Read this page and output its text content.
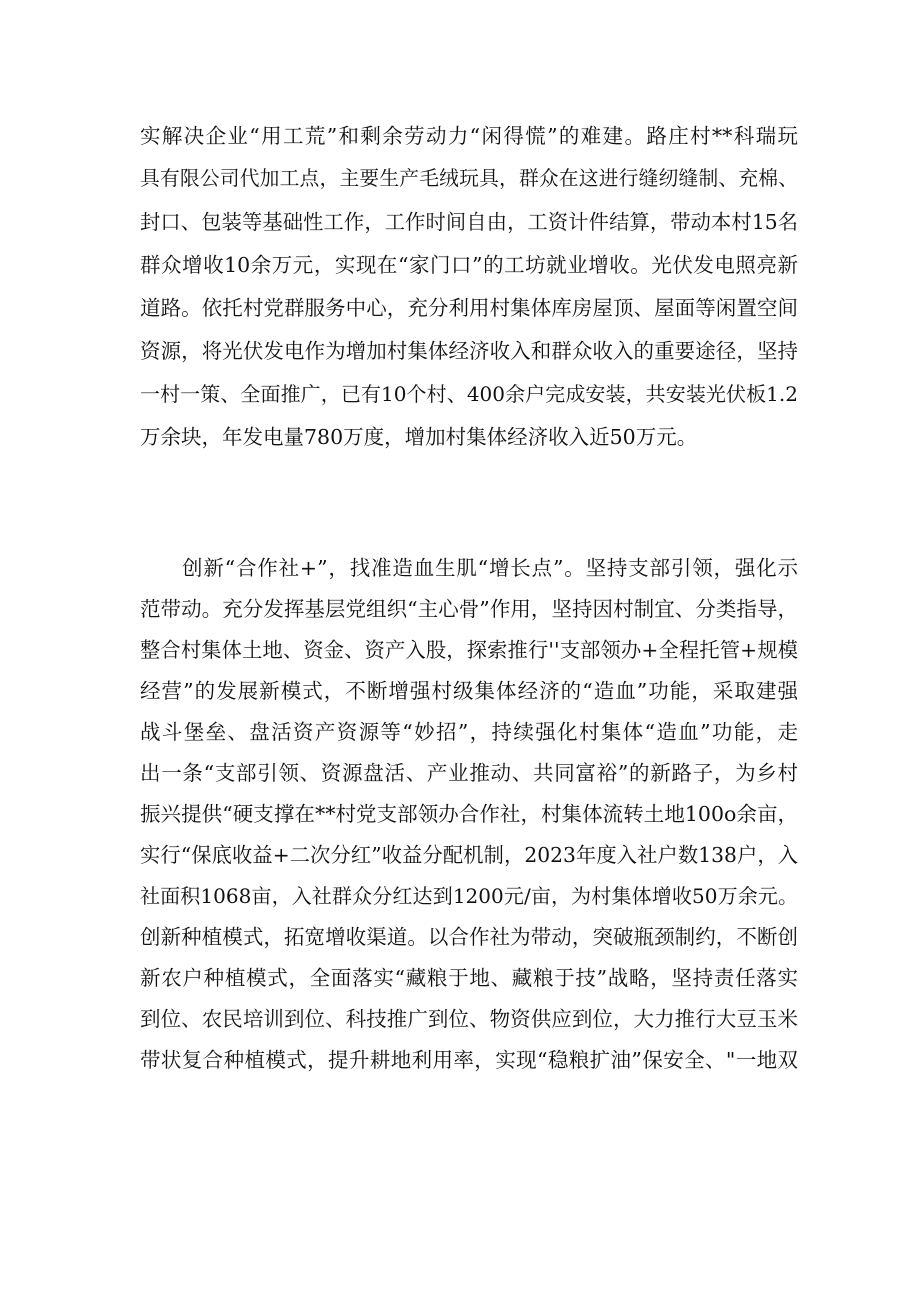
实解决企业“用工荒”和剩余劳动力“闲得慌”的难建。路庄村**科瑞玩
具有限公司代加工点，主要生产毛绒玩具，群众在这进行缝纫缝制、充棉、
封口、包装等基础性工作，工作时间自由，工资计件结算，带动本村15名
群众增收10余万元，实现在“家门口”的工坊就业增收。光伏发电照亮新
道路。依托村党群服务中心，充分利用村集体库房屋顶、屋面等闲置空间
资源，将光伏发电作为增加村集体经济收入和群众收入的重要途径，坚持
一村一策、全面推广，已有10个村、400余户完成安装，共安装光伏板1.2
万余块，年发电量780万度，增加村集体经济收入近50万元。
创新“合作社+”，找准造血生肌“增长点”。坚持支部引领，强化示
范带动。充分发挥基层党组织“主心骨”作用，坚持因村制宜、分类指导，
整合村集体土地、资金、资产入股，探索推行''支部领办+全程托管+规模
经营”的发展新模式，不断增强村级集体经济的“造血”功能，采取建强
战斗堡垒、盘活资产资源等“妙招”，持续强化村集体“造血”功能，走
出一条“支部引领、资源盘活、产业推动、共同富裕”的新路子，为乡村
振兴提供“硬支撑在**村党支部领办合作社，村集体流转土地100o余亩，
实行“保底收益+二次分红”收益分配机制，2023年度入社户数138户，入
社面积1068亩，入社群众分红达到1200元/亩，为村集体增收50万余元。
创新种植模式，拓宽增收渠道。以合作社为带动，突破瓶颈制约，不断创
新农户种植模式，全面落实“藏粮于地、藏粮于技”战略，坚持责任落实
到位、农民培训到位、科技推广到位、物资供应到位，大力推行大豆玉米
带状复合种植模式，提升耕地利用率，实现“稳粮扩油”保安全、"一地双
